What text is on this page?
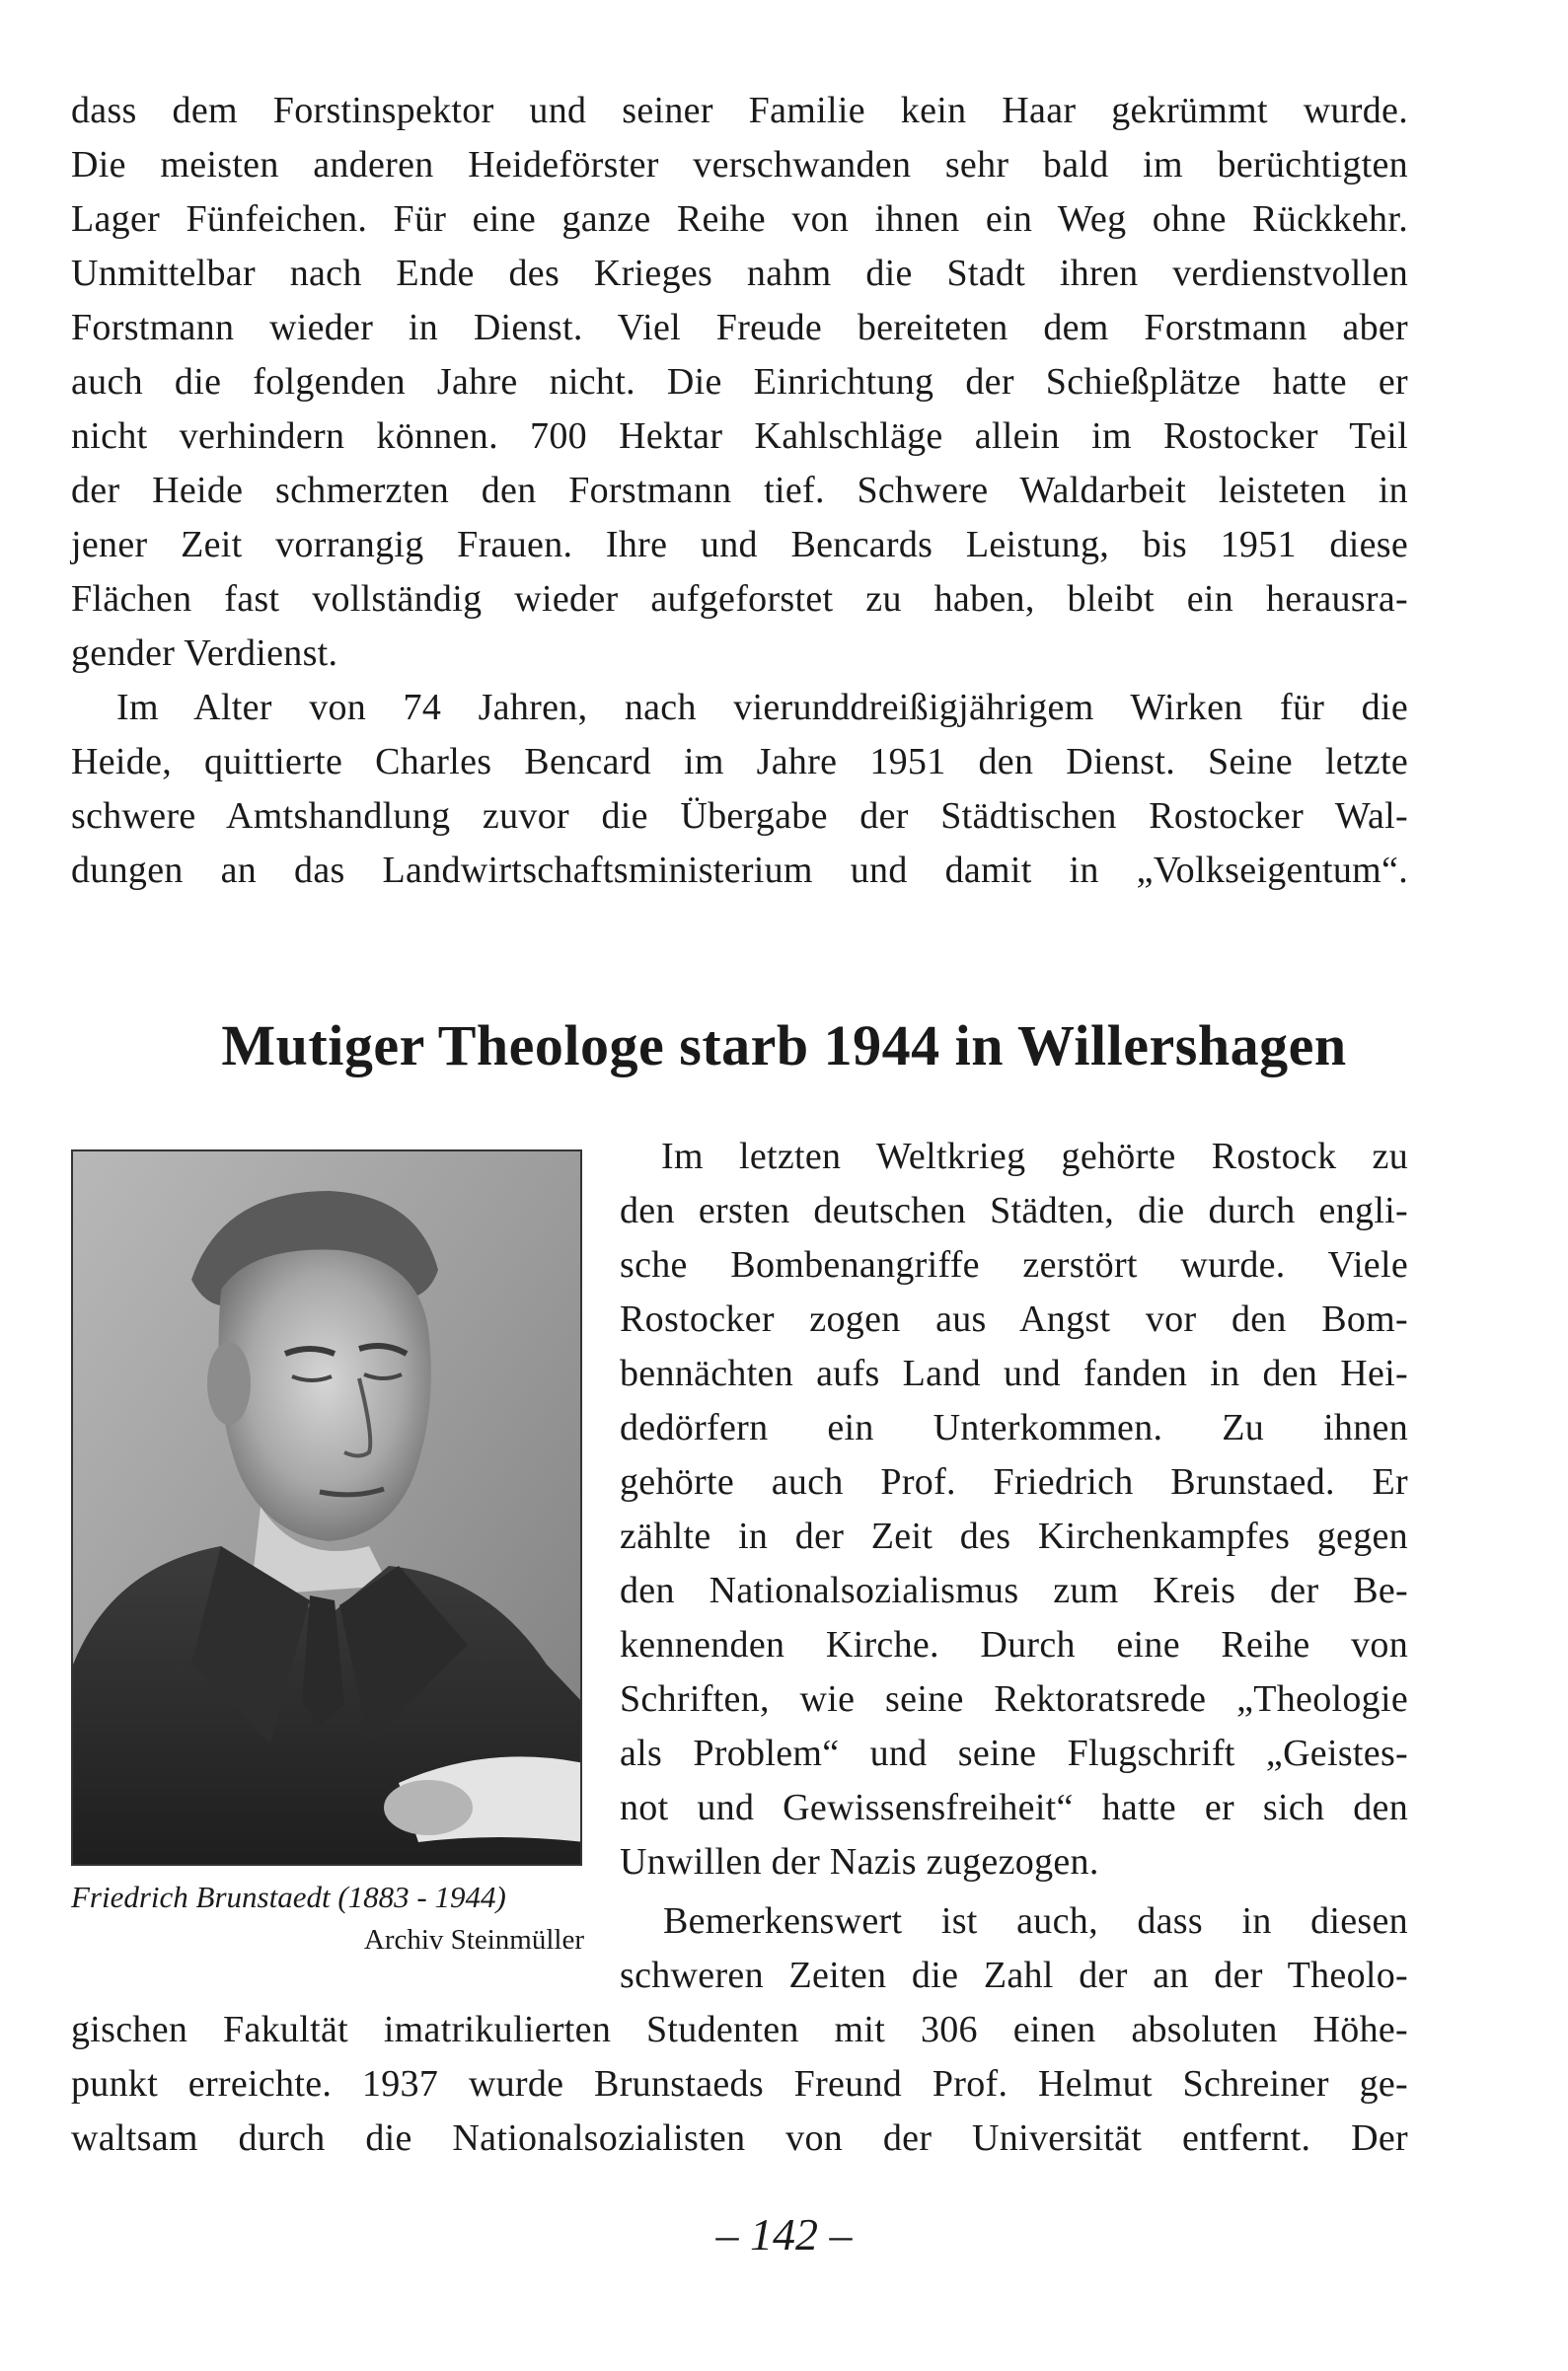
dass dem Forstinspektor und seiner Familie kein Haar gekrümmt wurde.
Die meisten anderen Heideförster verschwanden sehr bald im berüchtigten
Lager Fünfeichen. Für eine ganze Reihe von ihnen ein Weg ohne Rückkehr.
Unmittelbar nach Ende des Krieges nahm die Stadt ihren verdienstvollen
Forstmann wieder in Dienst. Viel Freude bereiteten dem Forstmann aber
auch die folgenden Jahre nicht. Die Einrichtung der Schießplätze hatte er
nicht verhindern können. 700 Hektar Kahlschläge allein im Rostocker Teil
der Heide schmerzten den Forstmann tief. Schwere Waldarbeit leisteten in
jener Zeit vorrangig Frauen. Ihre und Bencards Leistung, bis 1951 diese
Flächen fast vollständig wieder aufgeforstet zu haben, bleibt ein herausra-
gender Verdienst.
Im Alter von 74 Jahren, nach vierunddreißigjährigem Wirken für die
Heide, quittierte Charles Bencard im Jahre 1951 den Dienst. Seine letzte
schwere Amtshandlung zuvor die Übergabe der Städtischen Rostocker Wal-
dungen an das Landwirtschaftsministerium und damit in „Volkseigentum“.
Mutiger Theologe starb 1944 in Willershagen
Im letzten Weltkrieg gehörte Rostock zu
den ersten deutschen Städten, die durch engli-
sche Bombenangriffe zerstört wurde. Viele
Rostocker zogen aus Angst vor den Bom-
bennächten aufs Land und fanden in den Hei-
dedörfern ein Unterkommen. Zu ihnen
gehörte auch Prof. Friedrich Brunstaed. Er
zählte in der Zeit des Kirchenkampfes gegen
den Nationalsozialismus zum Kreis der Be-
kennenden Kirche. Durch eine Reihe von
Schriften, wie seine Rektoratsrede „Theologie
als Problem“ und seine Flugschrift „Geistes-
not und Gewissensfreiheit“ hatte er sich den
Unwillen der Nazis zugezogen.
Bemerkenswert ist auch, dass in diesen
schweren Zeiten die Zahl der an der Theolo-
Friedrich Brunstaedt (1883 - 1944)
Archiv Steinmüller
gischen Fakultät imatrikulierten Studenten mit 306 einen absoluten Höhe-
punkt erreichte. 1937 wurde Brunstaeds Freund Prof. Helmut Schreiner ge-
waltsam durch die Nationalsozialisten von der Universität entfernt. Der
– 142 –
